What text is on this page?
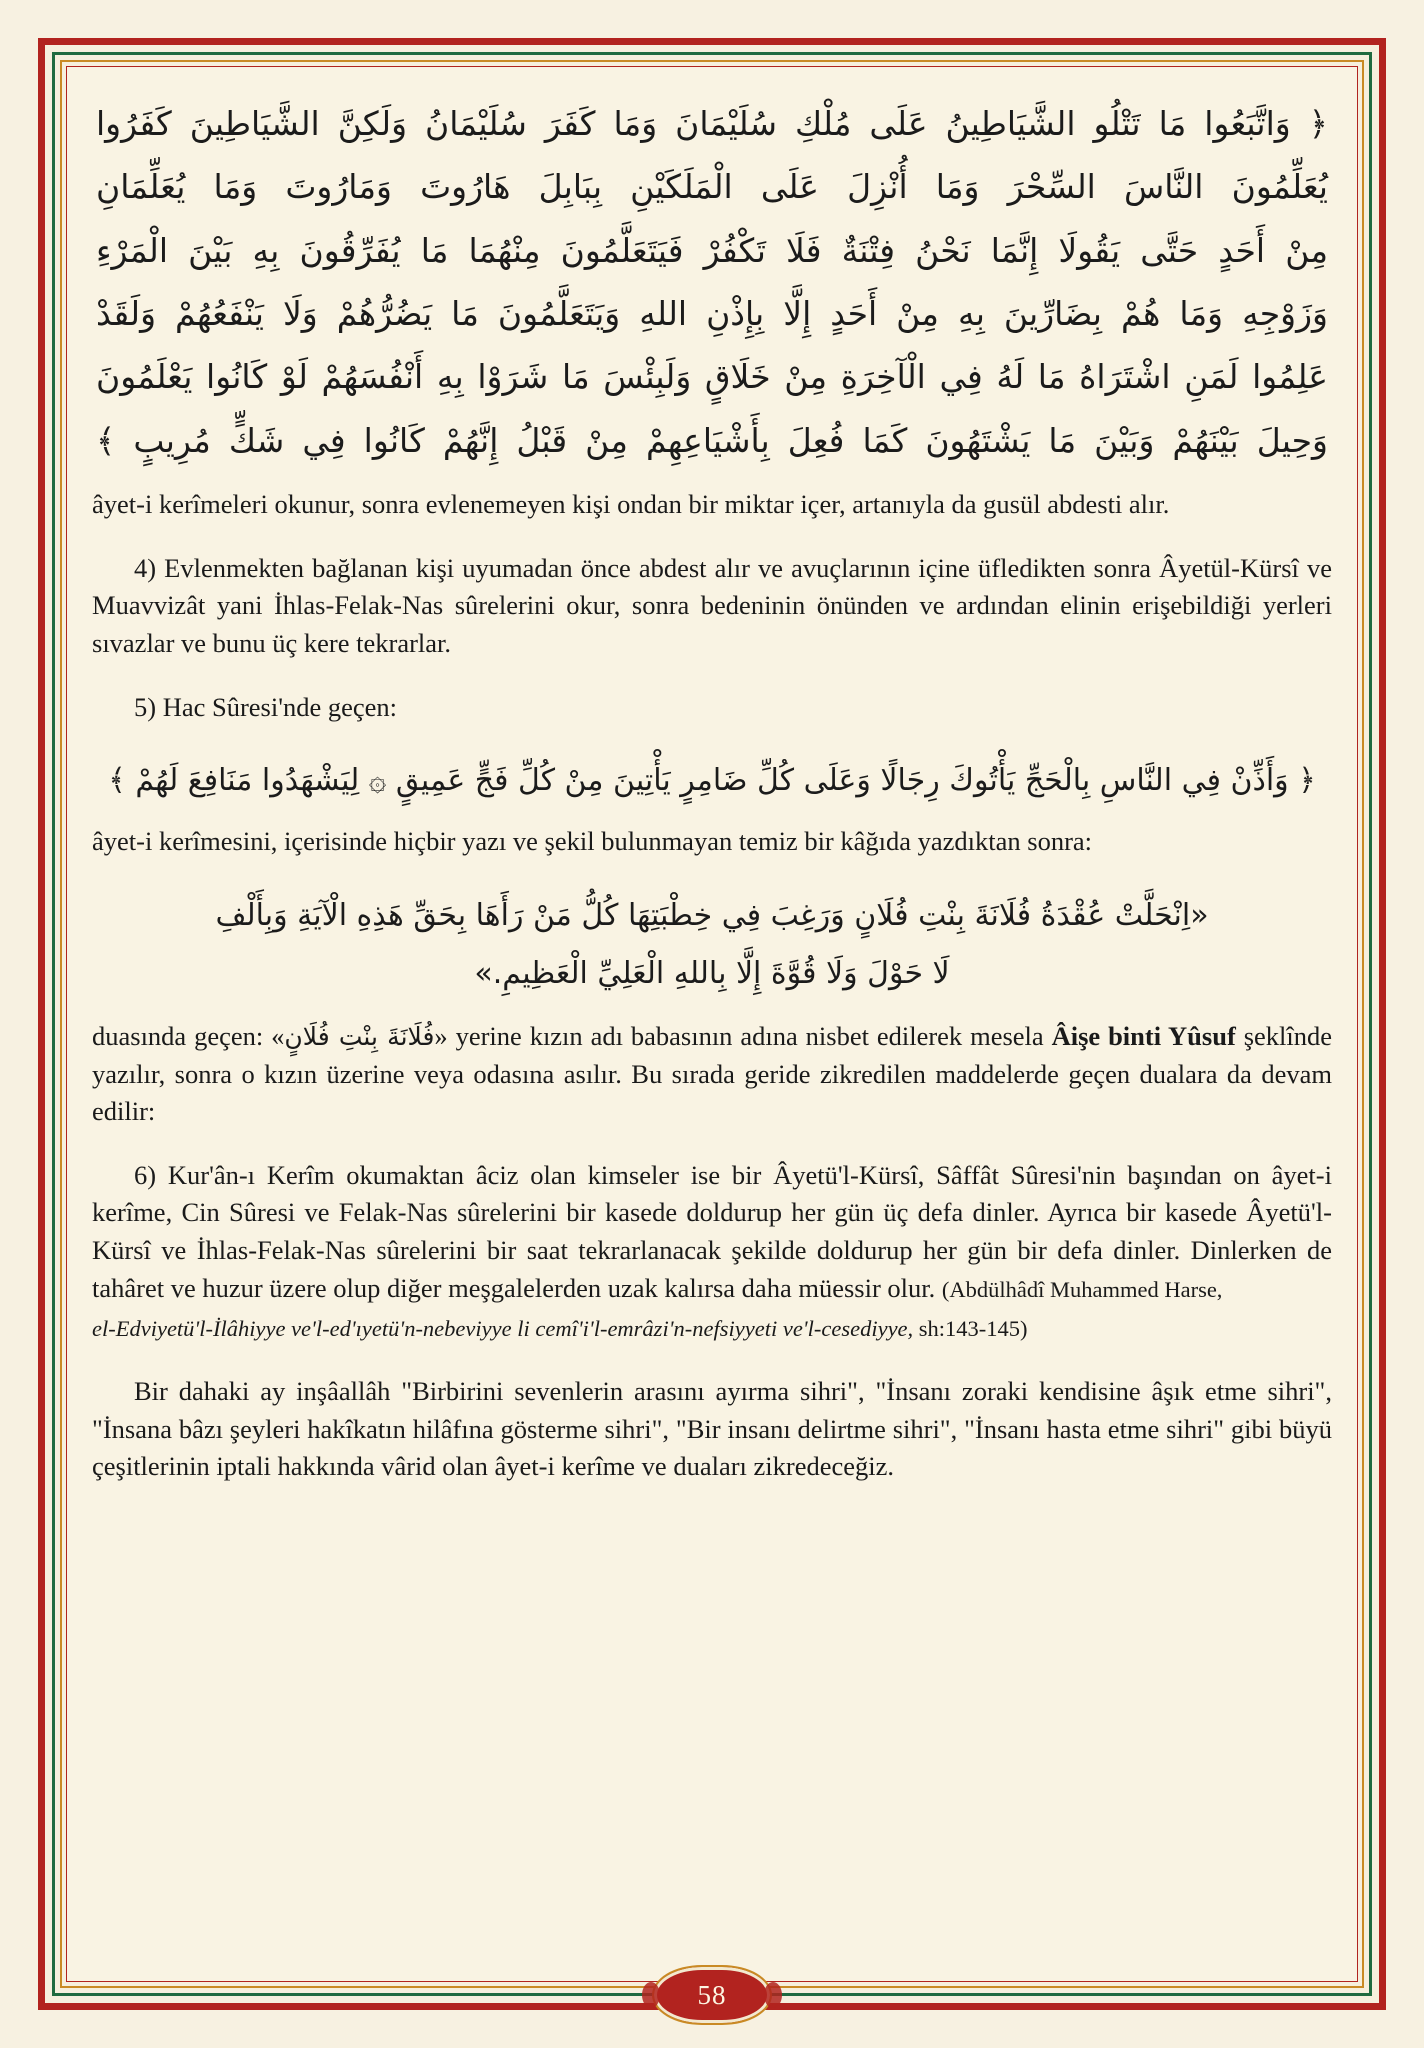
﴿ وَاتَّبَعُوا مَا تَتْلُو الشَّيَاطِينُ عَلَى مُلْكِ سُلَيْمَانَ وَمَا كَفَرَ سُلَيْمَانُ وَلَكِنَّ الشَّيَاطِينَ كَفَرُوا
يُعَلِّمُونَ النَّاسَ السِّحْرَ وَمَا أُنْزِلَ عَلَى الْمَلَكَيْنِ بِبَابِلَ هَارُوتَ وَمَارُوتَ وَمَا يُعَلِّمَانِ
مِنْ أَحَدٍ حَتَّى يَقُولَا إِنَّمَا نَحْنُ فِتْنَةٌ فَلَا تَكْفُرْ فَيَتَعَلَّمُونَ مِنْهُمَا مَا يُفَرِّقُونَ بِهِ بَيْنَ الْمَرْءِ
وَزَوْجِهِ وَمَا هُمْ بِضَارِّينَ بِهِ مِنْ أَحَدٍ إِلَّا بِإِذْنِ اللهِ وَيَتَعَلَّمُونَ مَا يَضُرُّهُمْ وَلَا يَنْفَعُهُمْ وَلَقَدْ
عَلِمُوا لَمَنِ اشْتَرَاهُ مَا لَهُ فِي الْآخِرَةِ مِنْ خَلَاقٍ وَلَبِئْسَ مَا شَرَوْا بِهِ أَنْفُسَهُمْ لَوْ كَانُوا يَعْلَمُونَ
وَحِيلَ بَيْنَهُمْ وَبَيْنَ مَا يَشْتَهُونَ كَمَا فُعِلَ بِأَشْيَاعِهِمْ مِنْ قَبْلُ إِنَّهُمْ كَانُوا فِي شَكٍّ مُرِيبٍ ﴾

âyet-i kerîmeleri okunur, sonra evlenemeyen kişi ondan bir miktar içer, artanıyla da gusül abdesti alır.

4) Evlenmekten bağlanan kişi uyumadan önce abdest alır ve avuçlarının içine üfledikten sonra Âyetül-Kürsî ve Muavvizât yani İhlas-Felak-Nas sûrelerini okur, sonra bedeninin önünden ve ardından elinin erişebildiği yerleri sıvazlar ve bunu üç kere tekrarlar.

5) Hac Sûresi'nde geçen:

﴿ وَأَذِّنْ فِي النَّاسِ بِالْحَجِّ يَأْتُوكَ رِجَالًا وَعَلَى كُلِّ ضَامِرٍ يَأْتِينَ مِنْ كُلِّ فَجٍّ عَمِيقٍ ۞ لِيَشْهَدُوا مَنَافِعَ لَهُمْ ﴾

âyet-i kerîmesini, içerisinde hiçbir yazı ve şekil bulunmayan temiz bir kâğıda yazdıktan sonra:

«اِنْحَلَّتْ عُقْدَةُ فُلَانَةَ بِنْتِ فُلَانٍ وَرَغِبَ فِي خِطْبَتِهَا كُلُّ مَنْ رَأَهَا بِحَقِّ هَذِهِ الْآيَةِ وَبِأَلْفِ
لَا حَوْلَ وَلَا قُوَّةَ إِلَّا بِاللهِ الْعَلِيِّ الْعَظِيمِ.»

duasında geçen: «فُلَانَةَ بِنْتِ فُلَانٍ» yerine kızın adı babasının adına nisbet edilerek mesela Âişe binti Yûsuf şeklînde yazılır, sonra o kızın üzerine veya odasına asılır. Bu sırada geride zikredilen maddelerde geçen dualara da devam edilir:

6) Kur'ân-ı Kerîm okumaktan âciz olan kimseler ise bir Âyetü'l-Kürsî, Sâffât Sûresi'nin başından on âyet-i kerîme, Cin Sûresi ve Felak-Nas sûrelerini bir kasede doldurup her gün üç defa dinler. Ayrıca bir kasede Âyetü'l-Kürsî ve İhlas-Felak-Nas sûrelerini bir saat tekrarlanacak şekilde doldurup her gün bir defa dinler. Dinlerken de tahâret ve huzur üzere olup diğer meşgalelerden uzak kalırsa daha müessir olur. (Abdülhâdî Muhammed Harse,

el-Edviyetü'l-İlâhiyye ve'l-ed'ıyetü'n-nebeviyye li cemî'i'l-emrâzi'n-nefsiyyeti ve'l-cesediyye, sh:143-145)

Bir dahaki ay inşâallâh "Birbirini sevenlerin arasını ayırma sihri", "İnsanı zoraki kendisine âşık etme sihri", "İnsana bâzı şeyleri hakîkatın hilâfına gösterme sihri", "Bir insanı delirtme sihri", "İnsanı hasta etme sihri" gibi büyü çeşitlerinin iptali hakkında vârid olan âyet-i kerîme ve duaları zikredeceğiz.

58
